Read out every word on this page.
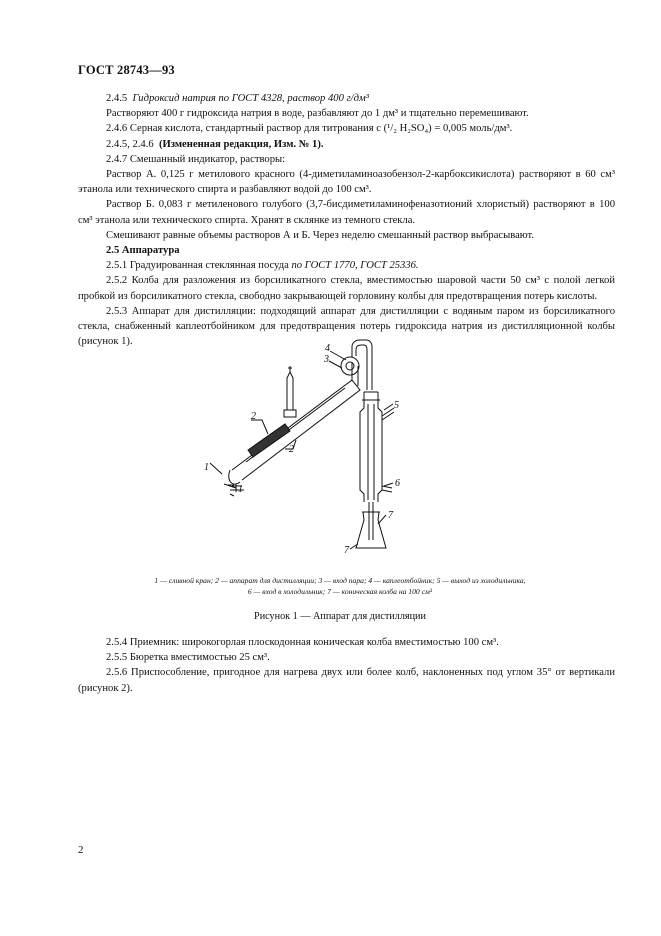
ГОСТ 28743—93

2.4.5 Гидроксид натрия по ГОСТ 4328, раствор 400 г/дм³

Растворяют 400 г гидроксида натрия в воде, разбавляют до 1 дм³ и тщательно перемешивают.

2.4.6 Серная кислота, стандартный раствор для титрования c (¹/₂ H₂SO₄) = 0,005 моль/дм³.

2.4.5, 2.4.6 (Измененная редакция, Изм. № 1).

2.4.7 Смешанный индикатор, растворы:

Раствор А. 0,125 г метилового красного (4-диметиламиноазобензол-2-карбоксикислота) растворяют в 60 см³ этанола или технического спирта и разбавляют водой до 100 см³.

Раствор Б. 0,083 г метиленового голубого (3,7-бисдиметиламинофеназотионий хлористый) растворяют в 100 см³ этанола или технического спирта. Хранят в склянке из темного стекла.

Смешивают равные объемы растворов А и Б. Через неделю смешанный раствор выбрасывают.

2.5 Аппаратура

2.5.1 Градуированная стеклянная посуда по ГОСТ 1770, ГОСТ 25336.

2.5.2 Колба для разложения из борсиликатного стекла, вместимостью шаровой части 50 см³ с полой легкой пробкой из борсиликатного стекла, свободно закрывающей горловину колбы для предотвращения потерь кислоты.

2.5.3 Аппарат для дистилляции: подходящий аппарат для дистилляции с водяным паром из борсиликатного стекла, снабженный каплеотбойником для предотвращения потерь гидроксида натрия из дистилляционной колбы (рисунок 1).

2
2
1
1
4
3
5
6
7
7
1 — сливной кран; 2 — аппарат для дистилляции; 3 — вход пара; 4 — каплеотбойник; 5 — выход из холодильника,
6 — вход в холодильник; 7 — коническая колба на 100 см³
Рисунок 1 — Аппарат для дистилляции

2.5.4 Приемник: широкогорлая плоскодонная коническая колба вместимостью 100 см³.

2.5.5 Бюретка вместимостью 25 см³.

2.5.6 Приспособление, пригодное для нагрева двух или более колб, наклоненных под углом 35° от вертикали (рисунок 2).

2
